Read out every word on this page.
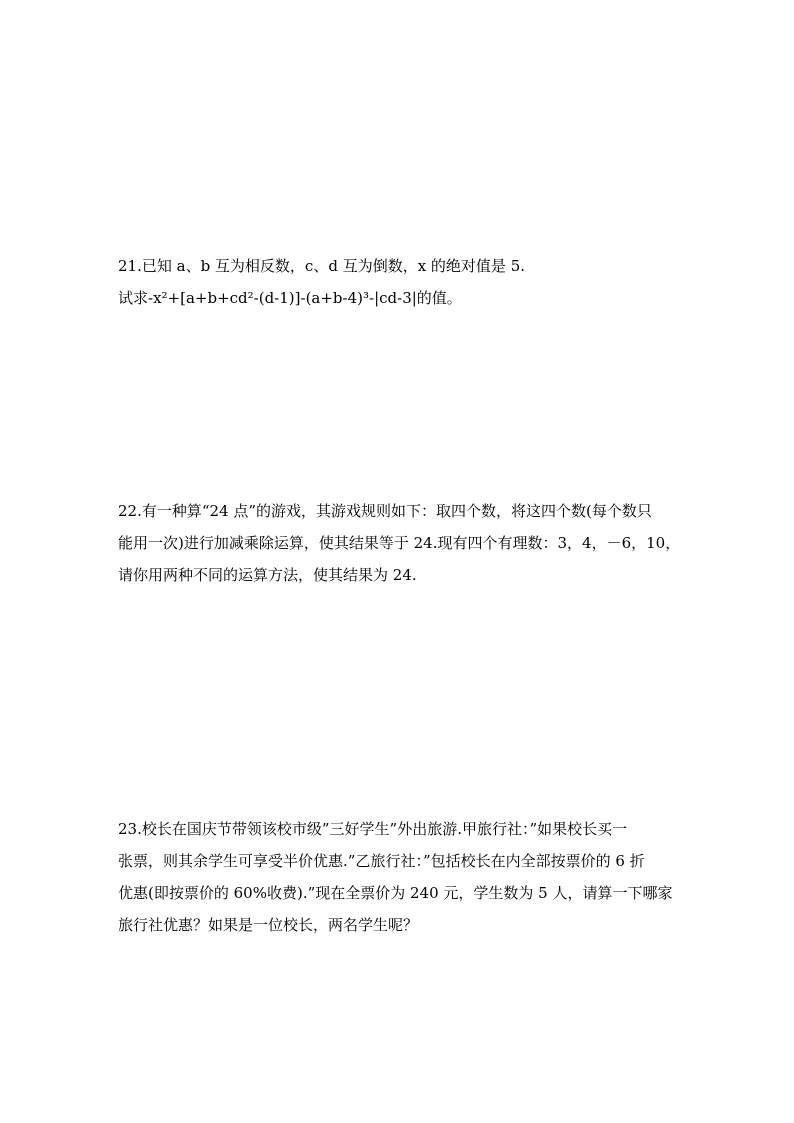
21.已知 a、b 互为相反数，c、d 互为倒数，x 的绝对值是 5.
试求-x²+[a+b+cd²-(d-1)]-(a+b-4)³-|cd-3|的值。
22.有一种算“24 点”的游戏，其游戏规则如下：取四个数，将这四个数(每个数只
能用一次)进行加减乘除运算，使其结果等于 24.现有四个有理数：3，4，－6，10，
请你用两种不同的运算方法，使其结果为 24.
23.校长在国庆节带领该校市级”三好学生”外出旅游.甲旅行社：”如果校长买一
张票，则其余学生可享受半价优惠.”乙旅行社：”包括校长在内全部按票价的 6 折
优惠(即按票价的 60%收费).”现在全票价为 240 元，学生数为 5 人，请算一下哪家
旅行社优惠？如果是一位校长，两名学生呢？
